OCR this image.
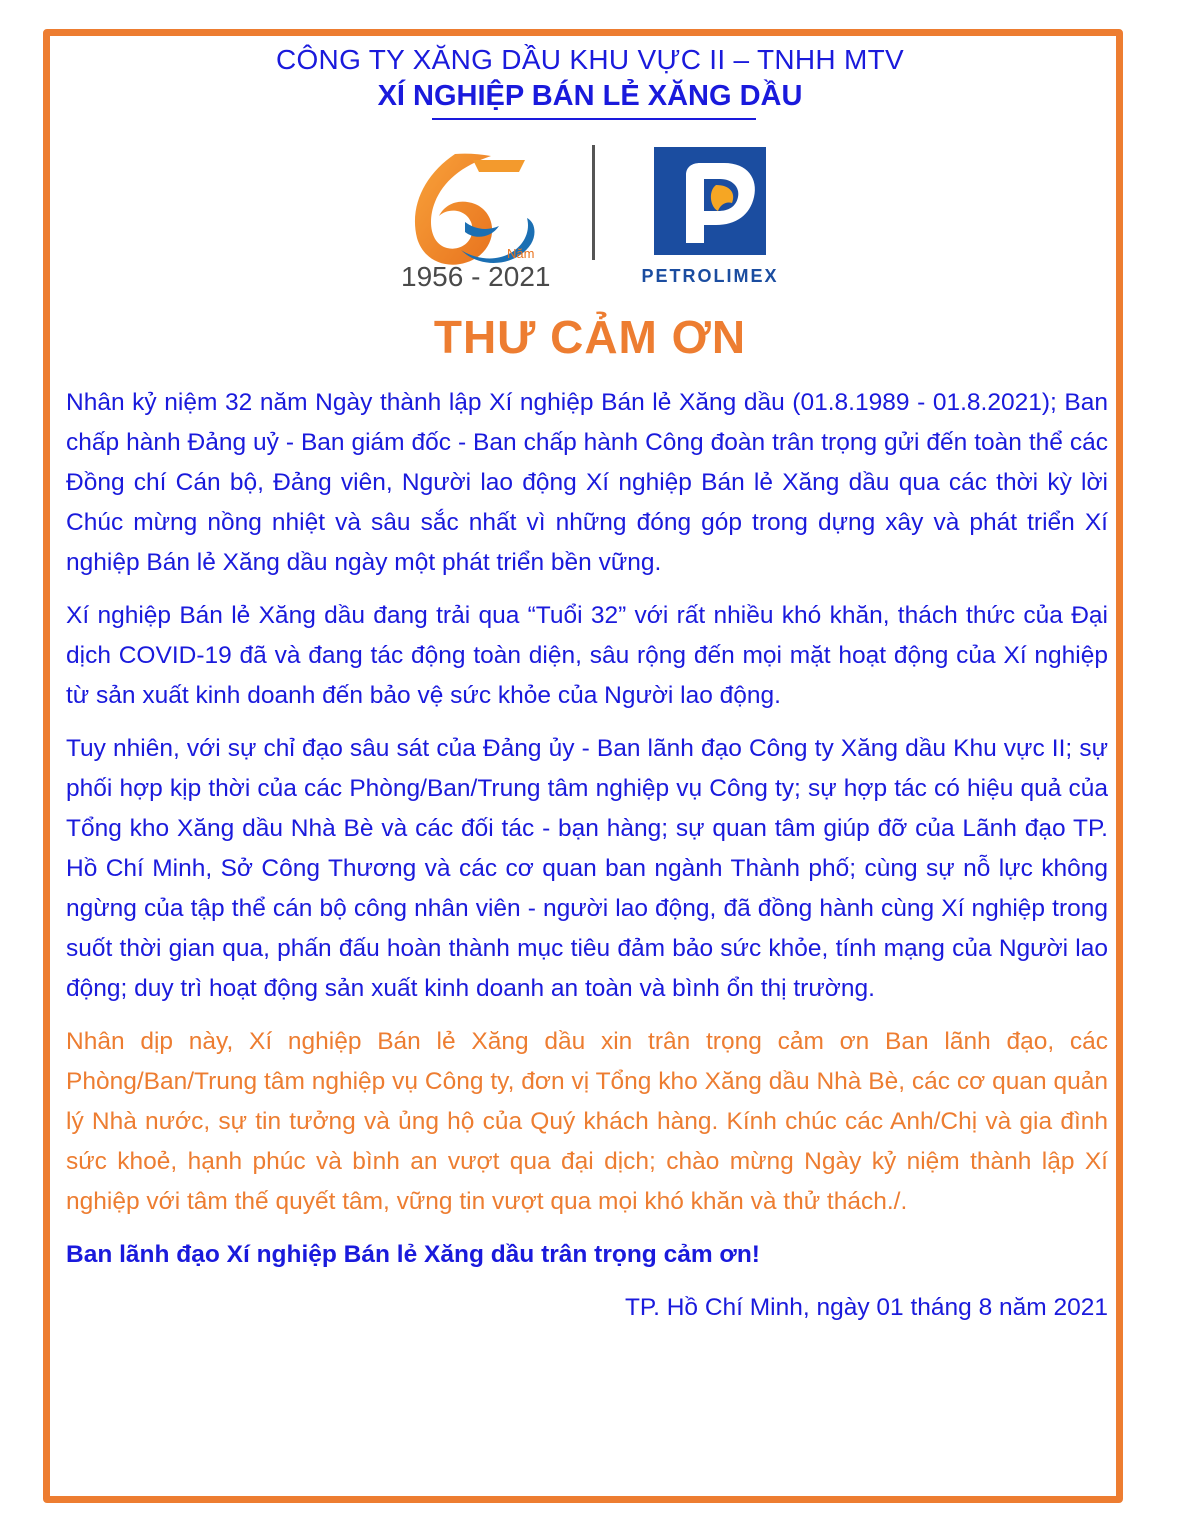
CÔNG TY XĂNG DẦU KHU VỰC II – TNHH MTV
XÍ NGHIỆP BÁN LẺ XĂNG DẦU
Năm
1956 - 2021	PETROLIMEX
THƯ CẢM ƠN

Nhân kỷ niệm 32 năm Ngày thành lập Xí nghiệp Bán lẻ Xăng dầu (01.8.1989 - 01.8.2021); Ban chấp hành Đảng uỷ - Ban giám đốc - Ban chấp hành Công đoàn trân trọng gửi đến toàn thể các Đồng chí Cán bộ, Đảng viên, Người lao động Xí nghiệp Bán lẻ Xăng dầu qua các thời kỳ lời Chúc mừng nồng nhiệt và sâu sắc nhất vì những đóng góp trong dựng xây và phát triển Xí nghiệp Bán lẻ Xăng dầu ngày một phát triển bền vững.

Xí nghiệp Bán lẻ Xăng dầu đang trải qua “Tuổi 32” với rất nhiều khó khăn, thách thức của Đại dịch COVID-19 đã và đang tác động toàn diện, sâu rộng đến mọi mặt hoạt động của Xí nghiệp từ sản xuất kinh doanh đến bảo vệ sức khỏe của Người lao động.

Tuy nhiên, với sự chỉ đạo sâu sát của Đảng ủy - Ban lãnh đạo Công ty Xăng dầu Khu vực II; sự phối hợp kịp thời của các Phòng/Ban/Trung tâm nghiệp vụ Công ty; sự hợp tác có hiệu quả của Tổng kho Xăng dầu Nhà Bè và các đối tác - bạn hàng; sự quan tâm giúp đỡ của Lãnh đạo TP. Hồ Chí Minh, Sở Công Thương và các cơ quan ban ngành Thành phố; cùng sự nỗ lực không ngừng của tập thể cán bộ công nhân viên - người lao động, đã đồng hành cùng Xí nghiệp trong suốt thời gian qua, phấn đấu hoàn thành mục tiêu đảm bảo sức khỏe, tính mạng của Người lao động; duy trì hoạt động sản xuất kinh doanh an toàn và bình ổn thị trường.

Nhân dịp này, Xí nghiệp Bán lẻ Xăng dầu xin trân trọng cảm ơn Ban lãnh đạo, các Phòng/Ban/Trung tâm nghiệp vụ Công ty, đơn vị Tổng kho Xăng dầu Nhà Bè, các cơ quan quản lý Nhà nước, sự tin tưởng và ủng hộ của Quý khách hàng. Kính chúc các Anh/Chị và gia đình sức khoẻ, hạnh phúc và bình an vượt qua đại dịch; chào mừng Ngày kỷ niệm thành lập Xí nghiệp với tâm thế quyết tâm, vững tin vượt qua mọi khó khăn và thử thách./.

Ban lãnh đạo Xí nghiệp Bán lẻ Xăng dầu trân trọng cảm ơn!

TP. Hồ Chí Minh, ngày 01 tháng 8 năm 2021
